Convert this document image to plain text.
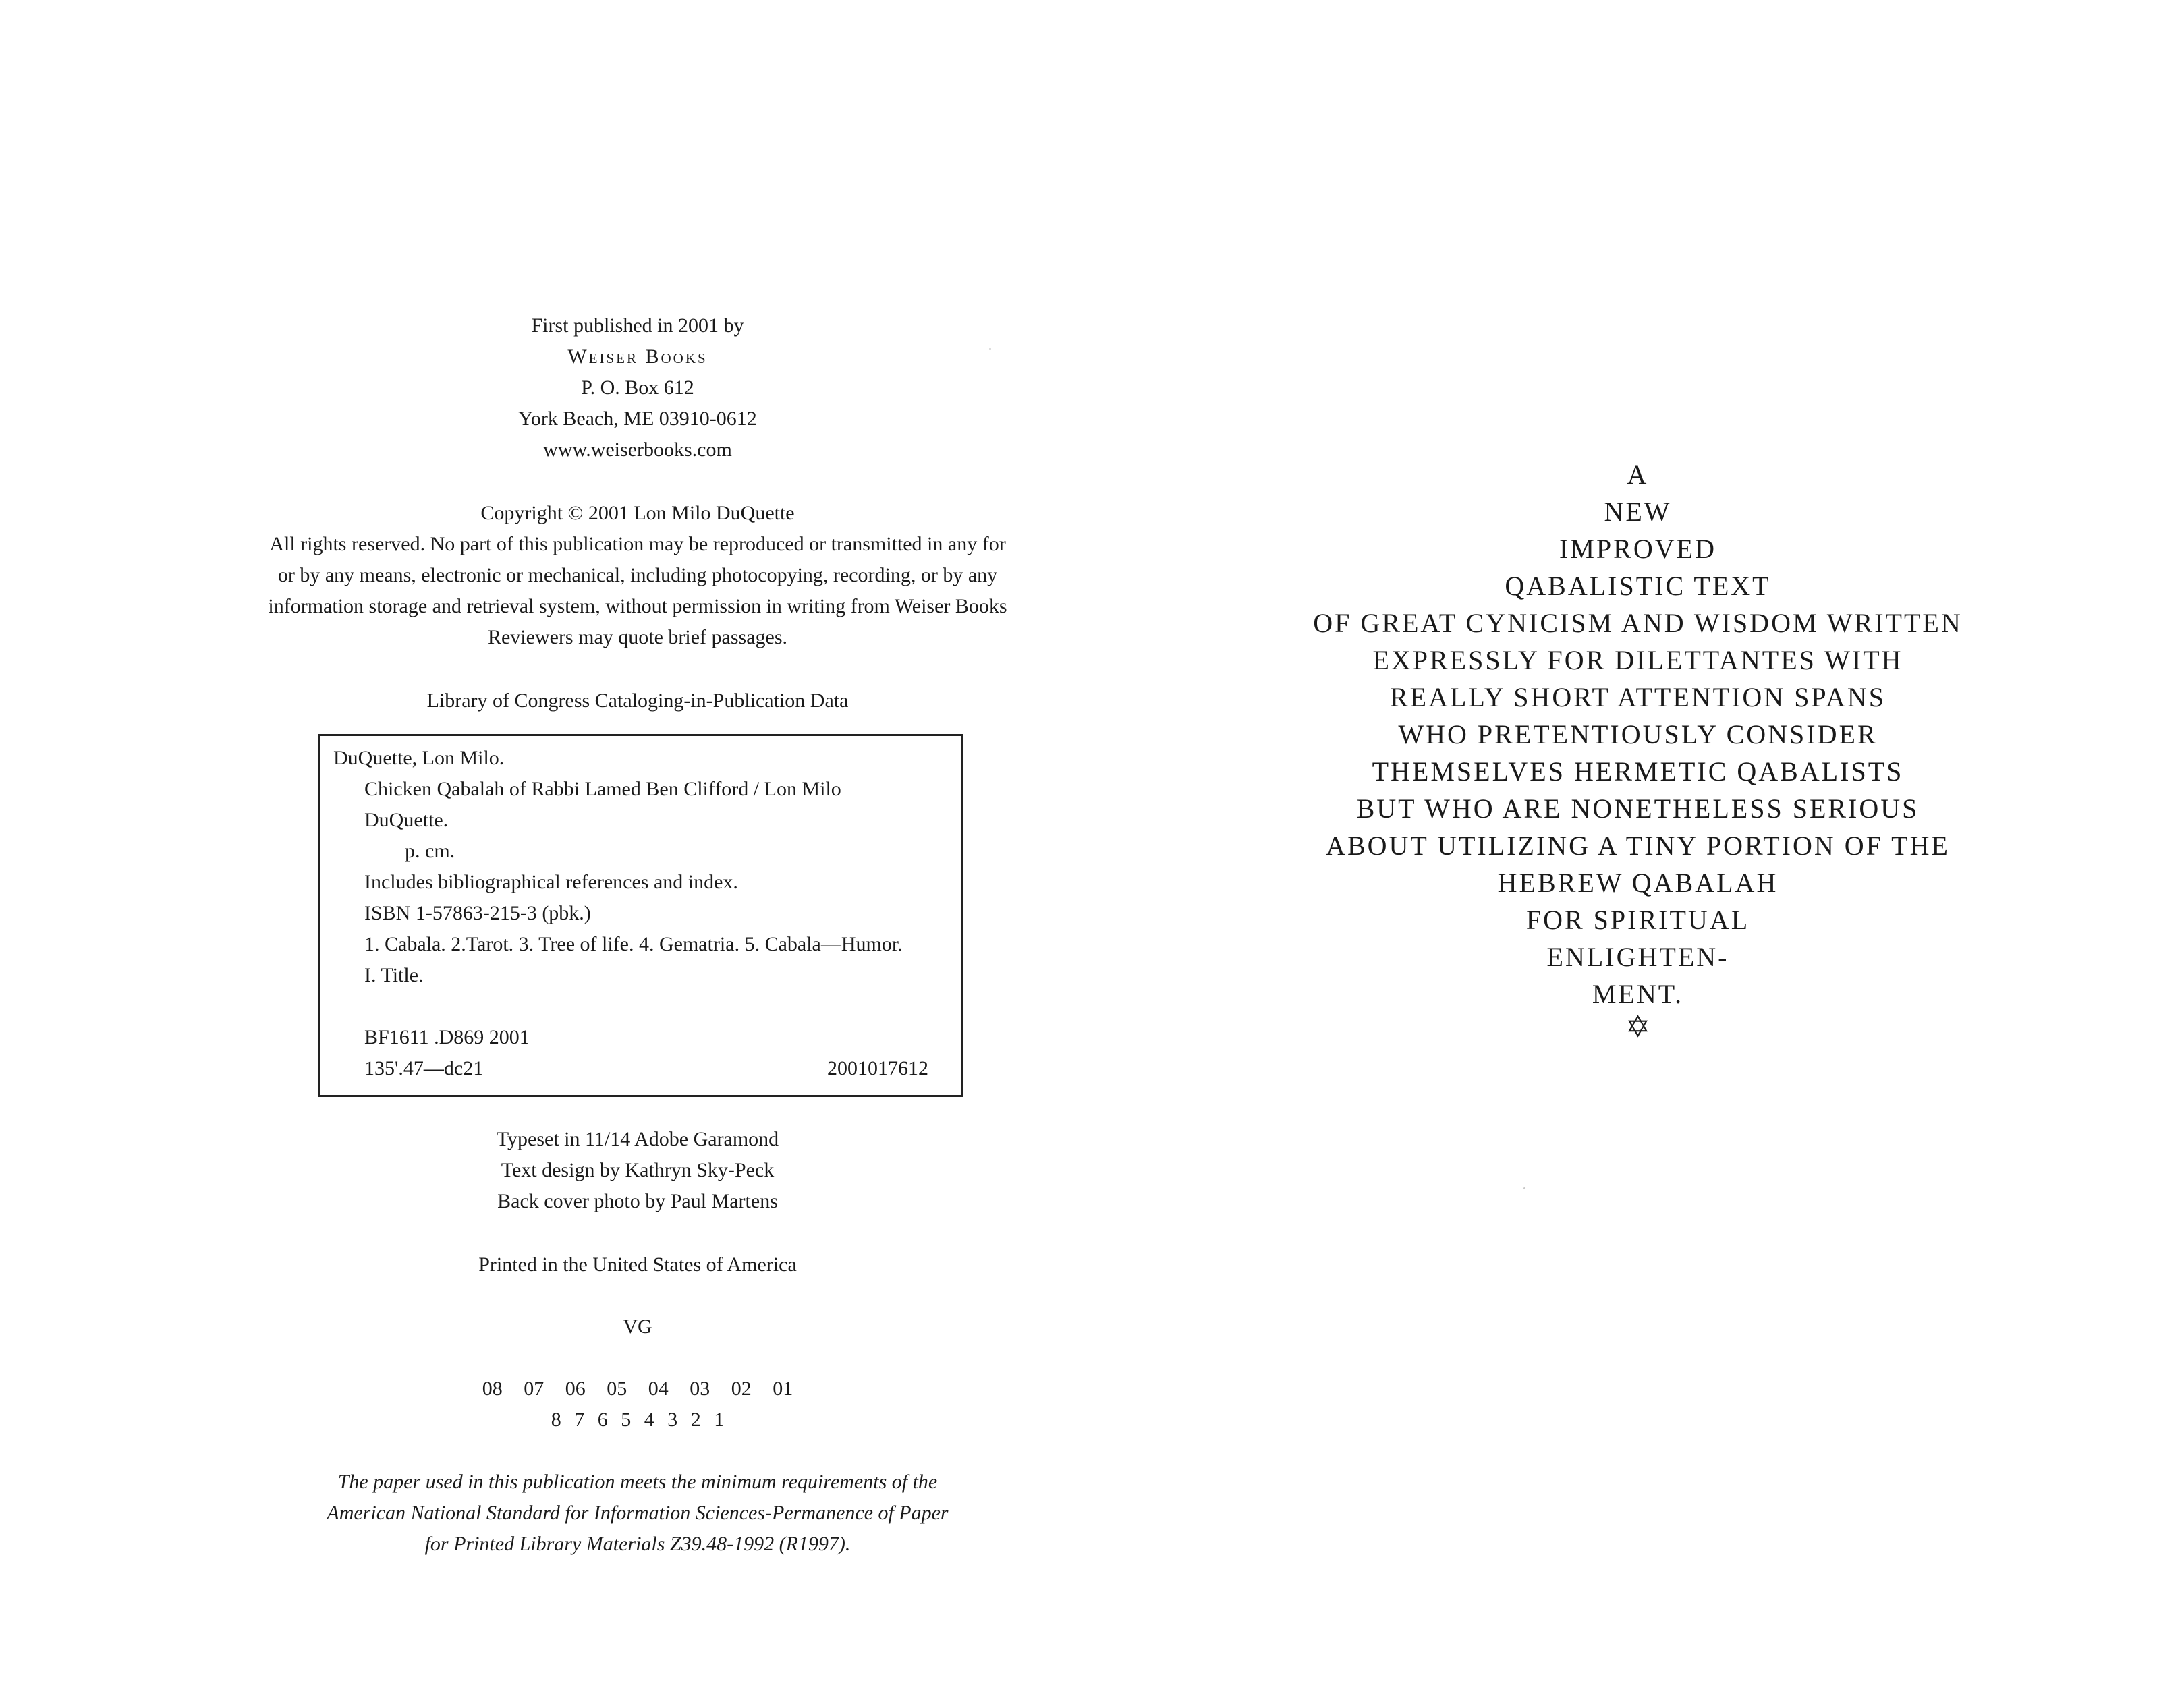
First published in 2001 by
Weiser Books
P. O. Box 612
York Beach, ME 03910-0612
www.weiserbooks.com
Copyright © 2001 Lon Milo DuQuette
All rights reserved. No part of this publication may be reproduced or transmitted in any for
or by any means, electronic or mechanical, including photocopying, recording, or by any
information storage and retrieval system, without permission in writing from Weiser Books
Reviewers may quote brief passages.
Library of Congress Cataloging-in-Publication Data
DuQuette, Lon Milo.
Chicken Qabalah of Rabbi Lamed Ben Clifford / Lon Milo
DuQuette.
p. cm.
Includes bibliographical references and index.
ISBN 1-57863-215-3 (pbk.)
1. Cabala. 2.Tarot. 3. Tree of life. 4. Gematria. 5. Cabala—Humor.
I. Title.
BF1611 .D869 2001
135'.47—dc21	2001017612
Typeset in 11/14 Adobe Garamond
Text design by Kathryn Sky-Peck
Back cover photo by Paul Martens
Printed in the United States of America
VG
08 07 06 05 04 03 02 01
8 7 6 5 4 3 2 1
The paper used in this publication meets the minimum requirements of the
American National Standard for Information Sciences-Permanence of Paper
for Printed Library Materials Z39.48-1992 (R1997).
A
NEW
IMPROVED
QABALISTIC TEXT
OF GREAT CYNICISM AND WISDOM WRITTEN
EXPRESSLY FOR DILETTANTES WITH
REALLY SHORT ATTENTION SPANS
WHO PRETENTIOUSLY CONSIDER
THEMSELVES HERMETIC QABALISTS
BUT WHO ARE NONETHELESS SERIOUS
ABOUT UTILIZING A TINY PORTION OF THE
HEBREW QABALAH
FOR SPIRITUAL
ENLIGHTEN-
MENT.
✡
